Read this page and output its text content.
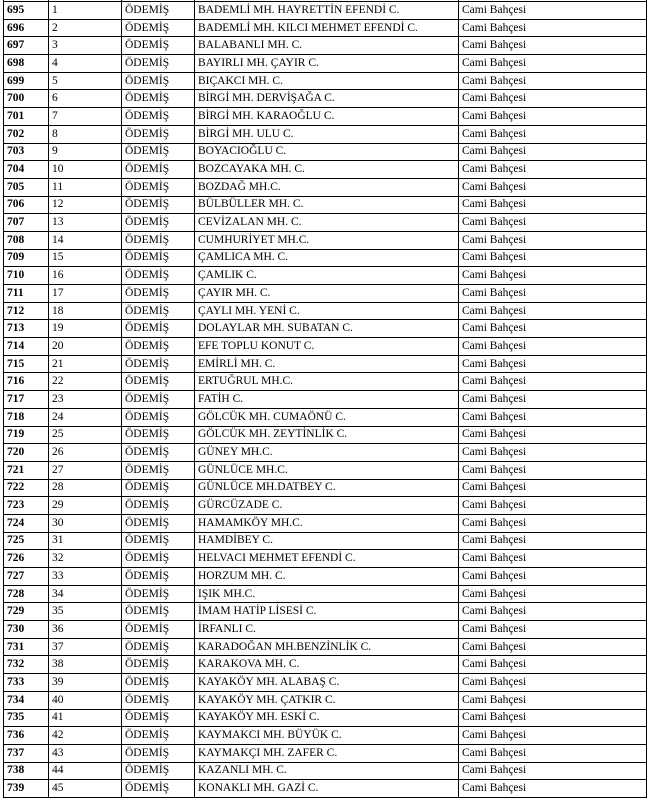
695	1	ÖDEMİŞ	BADEMLİ MH. HAYRETTİN EFENDİ C.	Cami Bahçesi
696	2	ÖDEMİŞ	BADEMLİ MH. KILCI MEHMET EFENDİ C.	Cami Bahçesi
697	3	ÖDEMİŞ	BALABANLI MH. C.	Cami Bahçesi
698	4	ÖDEMİŞ	BAYIRLI MH. ÇAYIR C.	Cami Bahçesi
699	5	ÖDEMİŞ	BIÇAKCI MH. C.	Cami Bahçesi
700	6	ÖDEMİŞ	BİRGİ MH. DERVİŞAĞA C.	Cami Bahçesi
701	7	ÖDEMİŞ	BİRGİ MH. KARAOĞLU C.	Cami Bahçesi
702	8	ÖDEMİŞ	BİRGİ MH. ULU C.	Cami Bahçesi
703	9	ÖDEMİŞ	BOYACIOĞLU C.	Cami Bahçesi
704	10	ÖDEMİŞ	BOZCAYAKA MH. C.	Cami Bahçesi
705	11	ÖDEMİŞ	BOZDAĞ MH.C.	Cami Bahçesi
706	12	ÖDEMİŞ	BÜLBÜLLER MH. C.	Cami Bahçesi
707	13	ÖDEMİŞ	CEVİZALAN MH. C.	Cami Bahçesi
708	14	ÖDEMİŞ	CUMHURİYET MH.C.	Cami Bahçesi
709	15	ÖDEMİŞ	ÇAMLICA MH. C.	Cami Bahçesi
710	16	ÖDEMİŞ	ÇAMLIK C.	Cami Bahçesi
711	17	ÖDEMİŞ	ÇAYIR MH. C.	Cami Bahçesi
712	18	ÖDEMİŞ	ÇAYLI MH. YENİ C.	Cami Bahçesi
713	19	ÖDEMİŞ	DOLAYLAR MH. SUBATAN C.	Cami Bahçesi
714	20	ÖDEMİŞ	EFE TOPLU KONUT C.	Cami Bahçesi
715	21	ÖDEMİŞ	EMİRLİ MH. C.	Cami Bahçesi
716	22	ÖDEMİŞ	ERTUĞRUL MH.C.	Cami Bahçesi
717	23	ÖDEMİŞ	FATİH C.	Cami Bahçesi
718	24	ÖDEMİŞ	GÖLCÜK MH. CUMAÖNÜ C.	Cami Bahçesi
719	25	ÖDEMİŞ	GÖLCÜK MH. ZEYTİNLİK C.	Cami Bahçesi
720	26	ÖDEMİŞ	GÜNEY MH.C.	Cami Bahçesi
721	27	ÖDEMİŞ	GÜNLÜCE MH.C.	Cami Bahçesi
722	28	ÖDEMİŞ	GÜNLÜCE MH.DATBEY C.	Cami Bahçesi
723	29	ÖDEMİŞ	GÜRCÜZADE C.	Cami Bahçesi
724	30	ÖDEMİŞ	HAMAMKÖY MH.C.	Cami Bahçesi
725	31	ÖDEMİŞ	HAMDİBEY C.	Cami Bahçesi
726	32	ÖDEMİŞ	HELVACI MEHMET EFENDİ C.	Cami Bahçesi
727	33	ÖDEMİŞ	HORZUM MH. C.	Cami Bahçesi
728	34	ÖDEMİŞ	IŞIK MH.C.	Cami Bahçesi
729	35	ÖDEMİŞ	İMAM HATİP LİSESİ C.	Cami Bahçesi
730	36	ÖDEMİŞ	İRFANLI C.	Cami Bahçesi
731	37	ÖDEMİŞ	KARADOĞAN MH.BENZİNLİK C.	Cami Bahçesi
732	38	ÖDEMİŞ	KARAKOVA MH. C.	Cami Bahçesi
733	39	ÖDEMİŞ	KAYAKÖY MH. ALABAŞ C.	Cami Bahçesi
734	40	ÖDEMİŞ	KAYAKÖY MH. ÇATKIR C.	Cami Bahçesi
735	41	ÖDEMİŞ	KAYAKÖY MH. ESKİ C.	Cami Bahçesi
736	42	ÖDEMİŞ	KAYMAKCI MH. BÜYÜK C.	Cami Bahçesi
737	43	ÖDEMİŞ	KAYMAKÇI MH. ZAFER C.	Cami Bahçesi
738	44	ÖDEMİŞ	KAZANLI MH. C.	Cami Bahçesi
739	45	ÖDEMİŞ	KONAKLI MH. GAZİ C.	Cami Bahçesi
